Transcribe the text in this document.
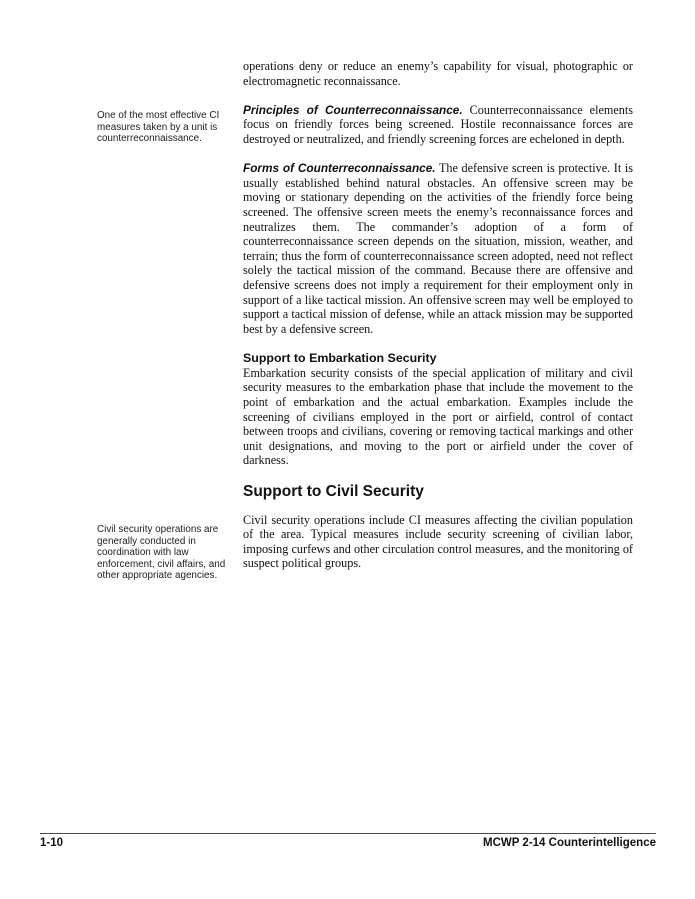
One of the most effective CI measures taken by a unit is counterreconnaissance.

Civil security operations are generally conducted in coordination with law enforcement, civil affairs, and other appropriate agencies.

operations deny or reduce an enemy’s capability for visual, photographic or electromagnetic reconnaissance.

Principles of Counterreconnaissance. Counterreconnaissance elements focus on friendly forces being screened. Hostile reconnaissance forces are destroyed or neutralized, and friendly screening forces are echeloned in depth.

Forms of Counterreconnaissance. The defensive screen is protective. It is usually established behind natural obstacles. An offensive screen may be moving or stationary depending on the activities of the friendly force being screened. The offensive screen meets the enemy’s reconnaissance forces and neutralizes them. The commander’s adoption of a form of counterreconnaissance screen depends on the situation, mission, weather, and terrain; thus the form of counterreconnaissance screen adopted, need not reflect solely the tactical mission of the command. Because there are offensive and defensive screens does not imply a requirement for their employment only in support of a like tactical mission. An offensive screen may well be employed to support a tactical mission of defense, while an attack mission may be supported best by a defensive screen.

Support to Embarkation Security

Embarkation security consists of the special application of military and civil security measures to the embarkation phase that include the movement to the point of embarkation and the actual embarkation. Examples include the screening of civilians employed in the port or airfield, control of contact between troops and civilians, covering or removing tactical markings and other unit designations, and moving to the port or airfield under the cover of darkness.

Support to Civil Security

Civil security operations include CI measures affecting the civilian population of the area. Typical measures include security screening of civilian labor, imposing curfews and other circulation control measures, and the monitoring of suspect political groups.

1-10	MCWP 2-14 Counterintelligence
